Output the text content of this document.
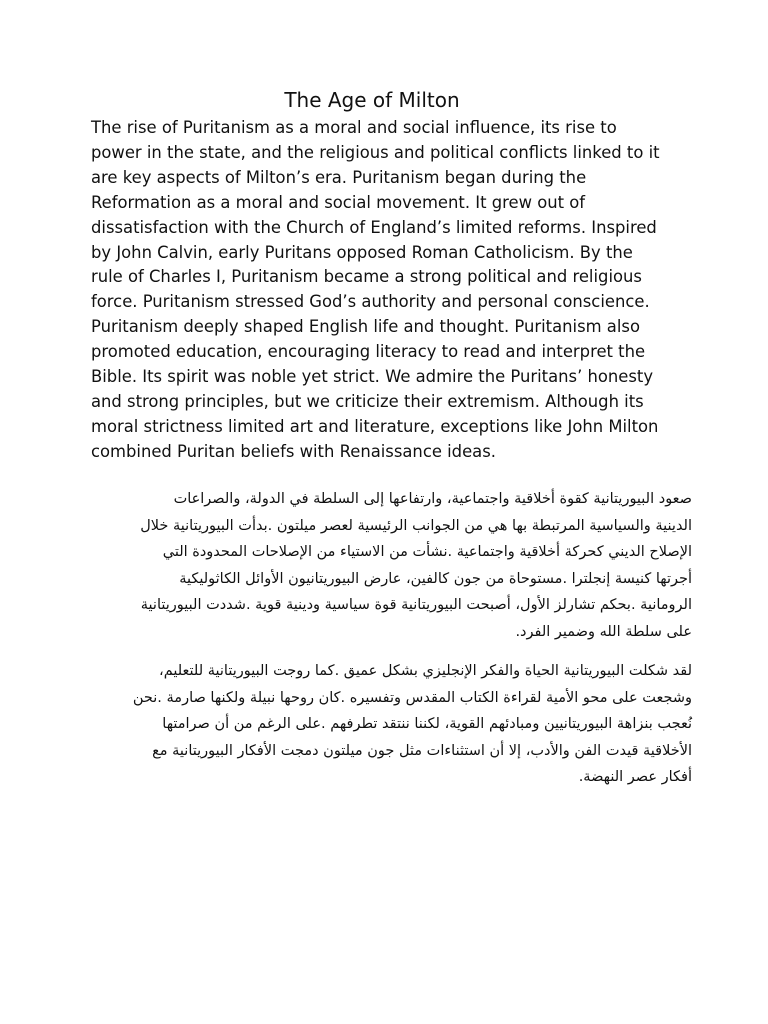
The Age of Milton

The rise of Puritanism as a moral and social influence, its rise to power in the state, and the religious and political conflicts linked to it are key aspects of Milton’s era. Puritanism began during the Reformation as a moral and social movement. It grew out of dissatisfaction with the Church of England’s limited reforms. Inspired by John Calvin, early Puritans opposed Roman Catholicism. By the rule of Charles I, Puritanism became a strong political and religious force. Puritanism stressed God’s authority and personal conscience.

Puritanism deeply shaped English life and thought. Puritanism also promoted education, encouraging literacy to read and interpret the Bible. Its spirit was noble yet strict. We admire the Puritans’ honesty and strong principles, but we criticize their extremism. Although its moral strictness limited art and literature, exceptions like John Milton combined Puritan beliefs with Renaissance ideas.

صعود البيوريتانية كقوة أخلاقية واجتماعية، وارتفاعها إلى السلطة في الدولة، والصراعات
الدينية والسياسية المرتبطة بها هي من الجوانب الرئيسية لعصر ميلتون .بدأت البيوريتانية خلال
الإصلاح الديني كحركة أخلاقية واجتماعية .نشأت من الاستياء من الإصلاحات المحدودة التي
أجرتها كنيسة إنجلترا .مستوحاة من جون كالفين، عارض البيوريتانيون الأوائل الكاثوليكية
الرومانية .بحكم تشارلز الأول، أصبحت البيوريتانية قوة سياسية ودينية قوية .شددت البيوريتانية
على سلطة الله وضمير الفرد.
لقد شكلت البيوريتانية الحياة والفكر الإنجليزي بشكل عميق .كما روجت البيوريتانية للتعليم،
وشجعت على محو الأمية لقراءة الكتاب المقدس وتفسيره .كان روحها نبيلة ولكنها صارمة .نحن
نُعجب بنزاهة البيوريتانيين ومبادئهم القوية، لكننا ننتقد تطرفهم .على الرغم من أن صرامتها
الأخلاقية قيدت الفن والأدب، إلا أن استثناءات مثل جون ميلتون دمجت الأفكار البيوريتانية مع
أفكار عصر النهضة.
